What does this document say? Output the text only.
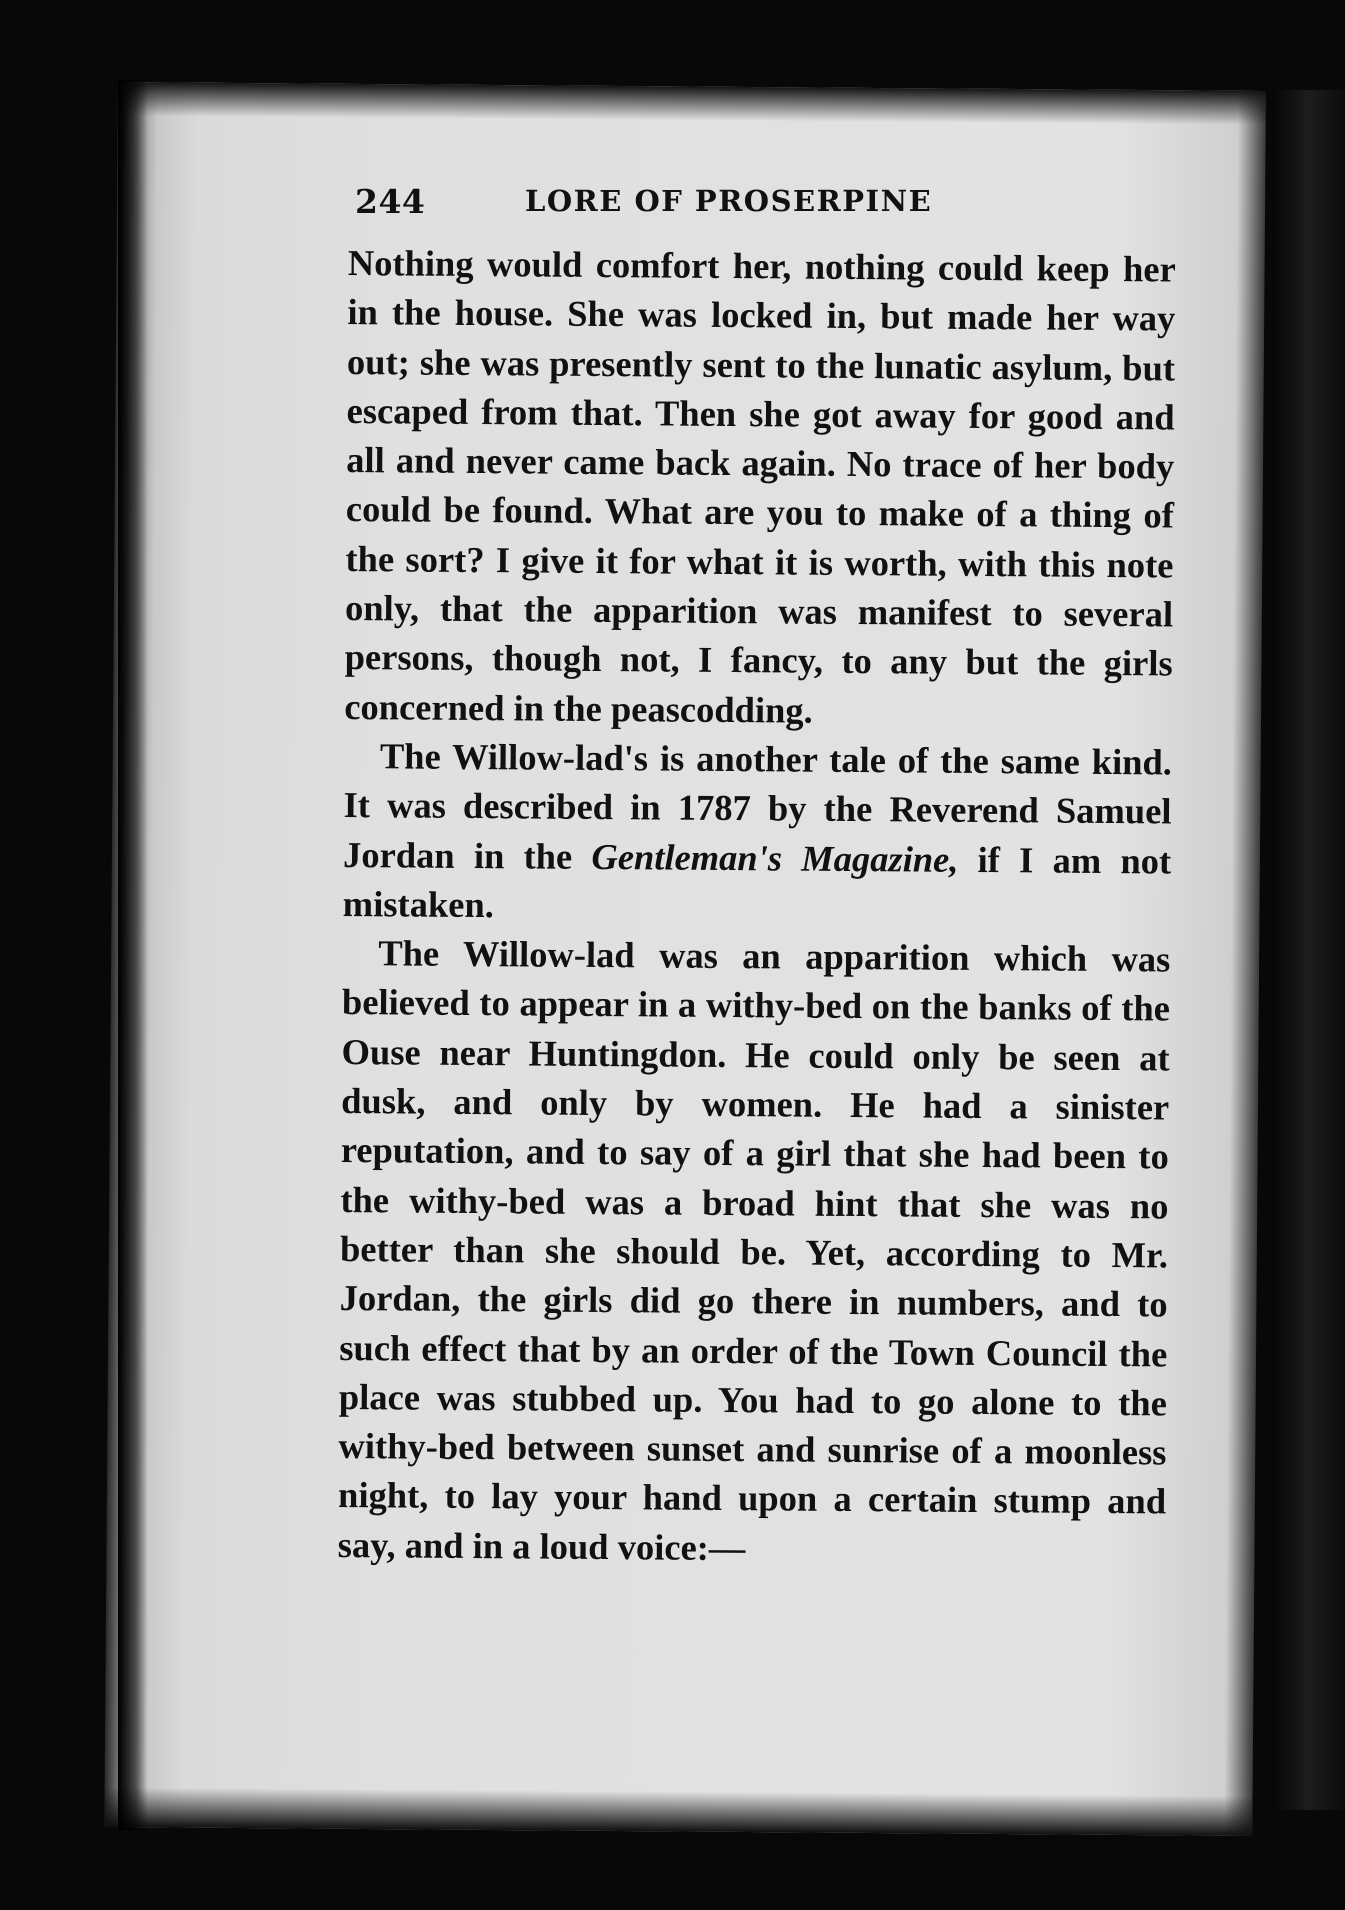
244	LORE OF PROSERPINE

Nothing would comfort her, nothing could keep her in the house. She was locked in, but made her way out; she was presently sent to the lunatic asylum, but escaped from that. Then she got away for good and all and never came back again. No trace of her body could be found. What are you to make of a thing of the sort? I give it for what it is worth, with this note only, that the apparition was manifest to several persons, though not, I fancy, to any but the girls concerned in the peascodding.

The Willow-lad's is another tale of the same kind. It was described in 1787 by the Reverend Samuel Jordan in the Gentleman's Magazine, if I am not mistaken.

The Willow-lad was an apparition which was believed to appear in a withy-bed on the banks of the Ouse near Huntingdon. He could only be seen at dusk, and only by women. He had a sinister reputation, and to say of a girl that she had been to the withy-bed was a broad hint that she was no better than she should be. Yet, according to Mr. Jordan, the girls did go there in numbers, and to such effect that by an order of the Town Council the place was stubbed up. You had to go alone to the withy-bed between sunset and sunrise of a moonless night, to lay your hand upon a certain stump and say, and in a loud voice:—
